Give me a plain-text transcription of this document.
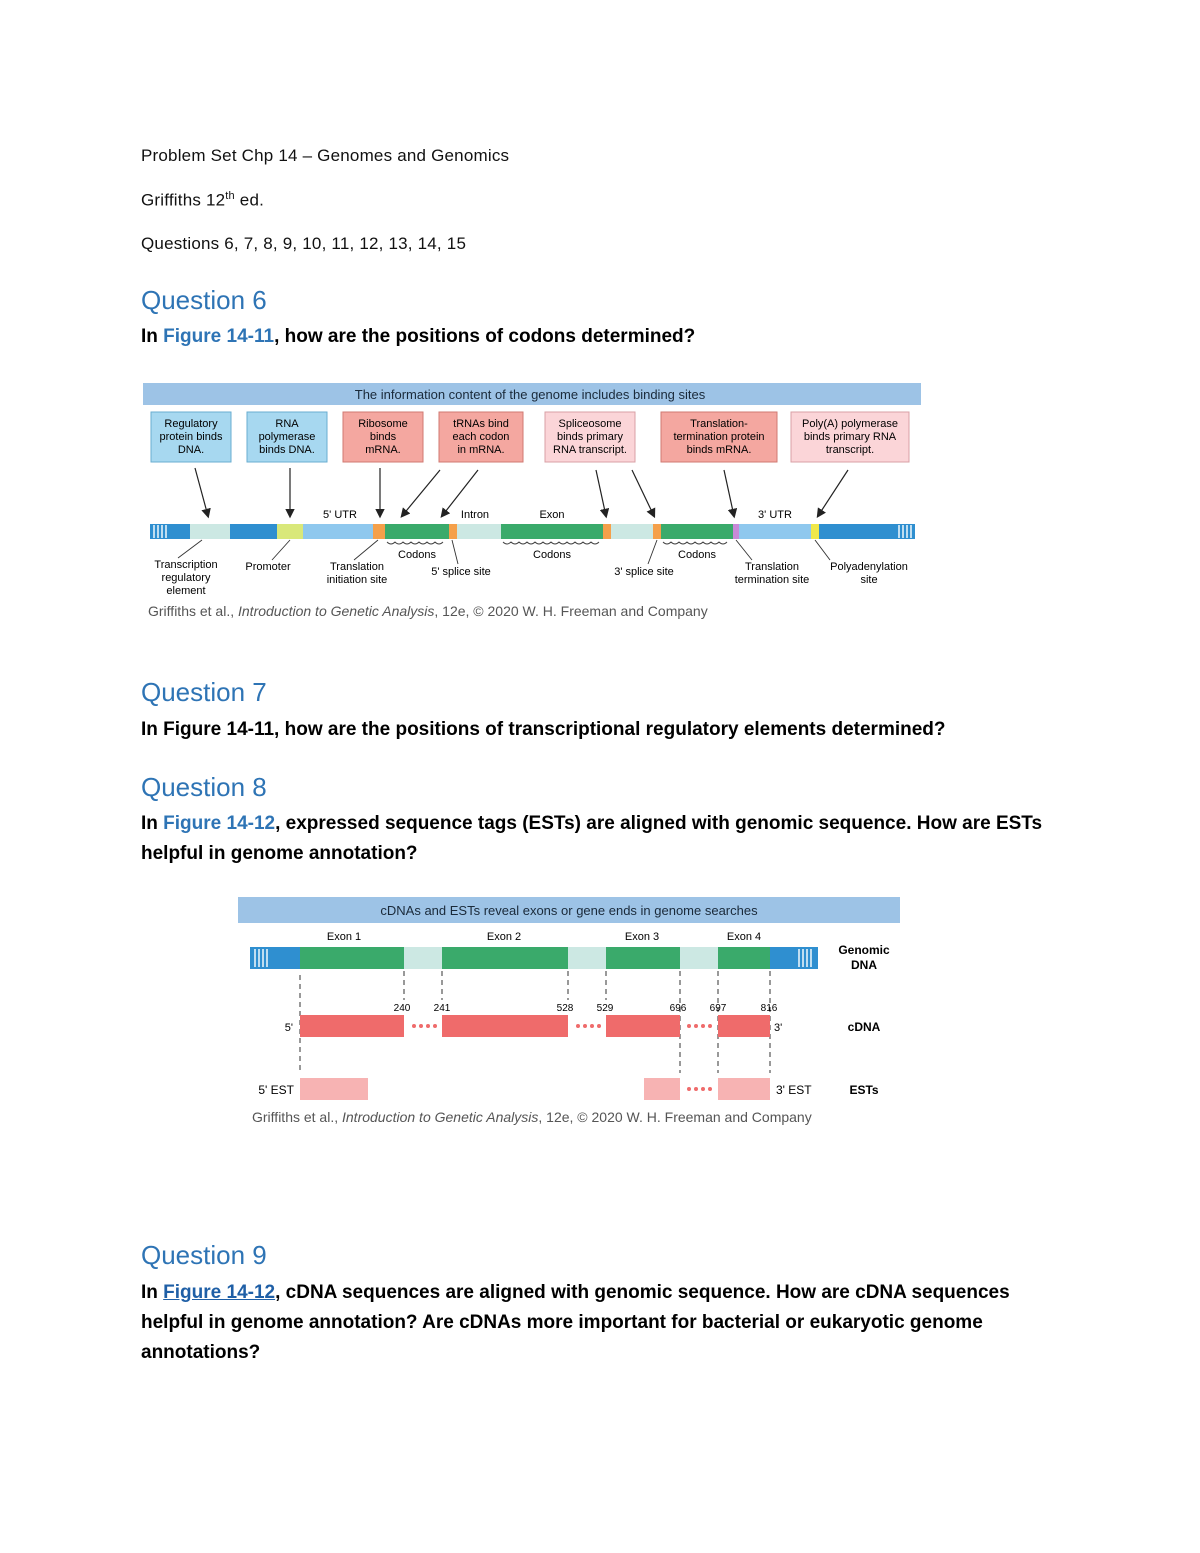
Problem Set Chp 14 – Genomes and Genomics
Griffiths 12th ed.
Questions 6, 7, 8, 9, 10, 11, 12, 13, 14, 15
Question 6
In Figure 14-11, how are the positions of codons determined?
The information content of the genome includes binding sites
Regulatory
protein binds
DNA.
RNA
polymerase
binds DNA.
Ribosome
binds
mRNA.
tRNAs bind
each codon
in mRNA.
Spliceosome
binds primary
RNA transcript.
Translation-
termination protein
binds mRNA.
Poly(A) polymerase
binds primary RNA
transcript.
5' UTR	Intron	Exon	3' UTR
Codons	Codons	Codons
Transcription
regulatory
element
Promoter	Translation
initiation site
5' splice site	3' splice site	Translation
termination site
Polyadenylation
site
Griffiths et al., Introduction to Genetic Analysis, 12e, © 2020 W. H. Freeman and Company
Question 7
In Figure 14-11, how are the positions of transcriptional regulatory elements determined?
Question 8
In Figure 14-12, expressed sequence tags (ESTs) are aligned with genomic sequence. How are ESTs helpful in genome annotation?
cDNAs and ESTs reveal exons or gene ends in genome searches
Exon 1	Exon 2	Exon 3	Exon 4
Genomic
DNA
240 241	528 529	696 697	816
5'	3'	cDNA
5' EST	3' EST	ESTs
Griffiths et al., Introduction to Genetic Analysis, 12e, © 2020 W. H. Freeman and Company
Question 9
In Figure 14-12, cDNA sequences are aligned with genomic sequence. How are cDNA sequences helpful in genome annotation? Are cDNAs more important for bacterial or eukaryotic genome annotations?
